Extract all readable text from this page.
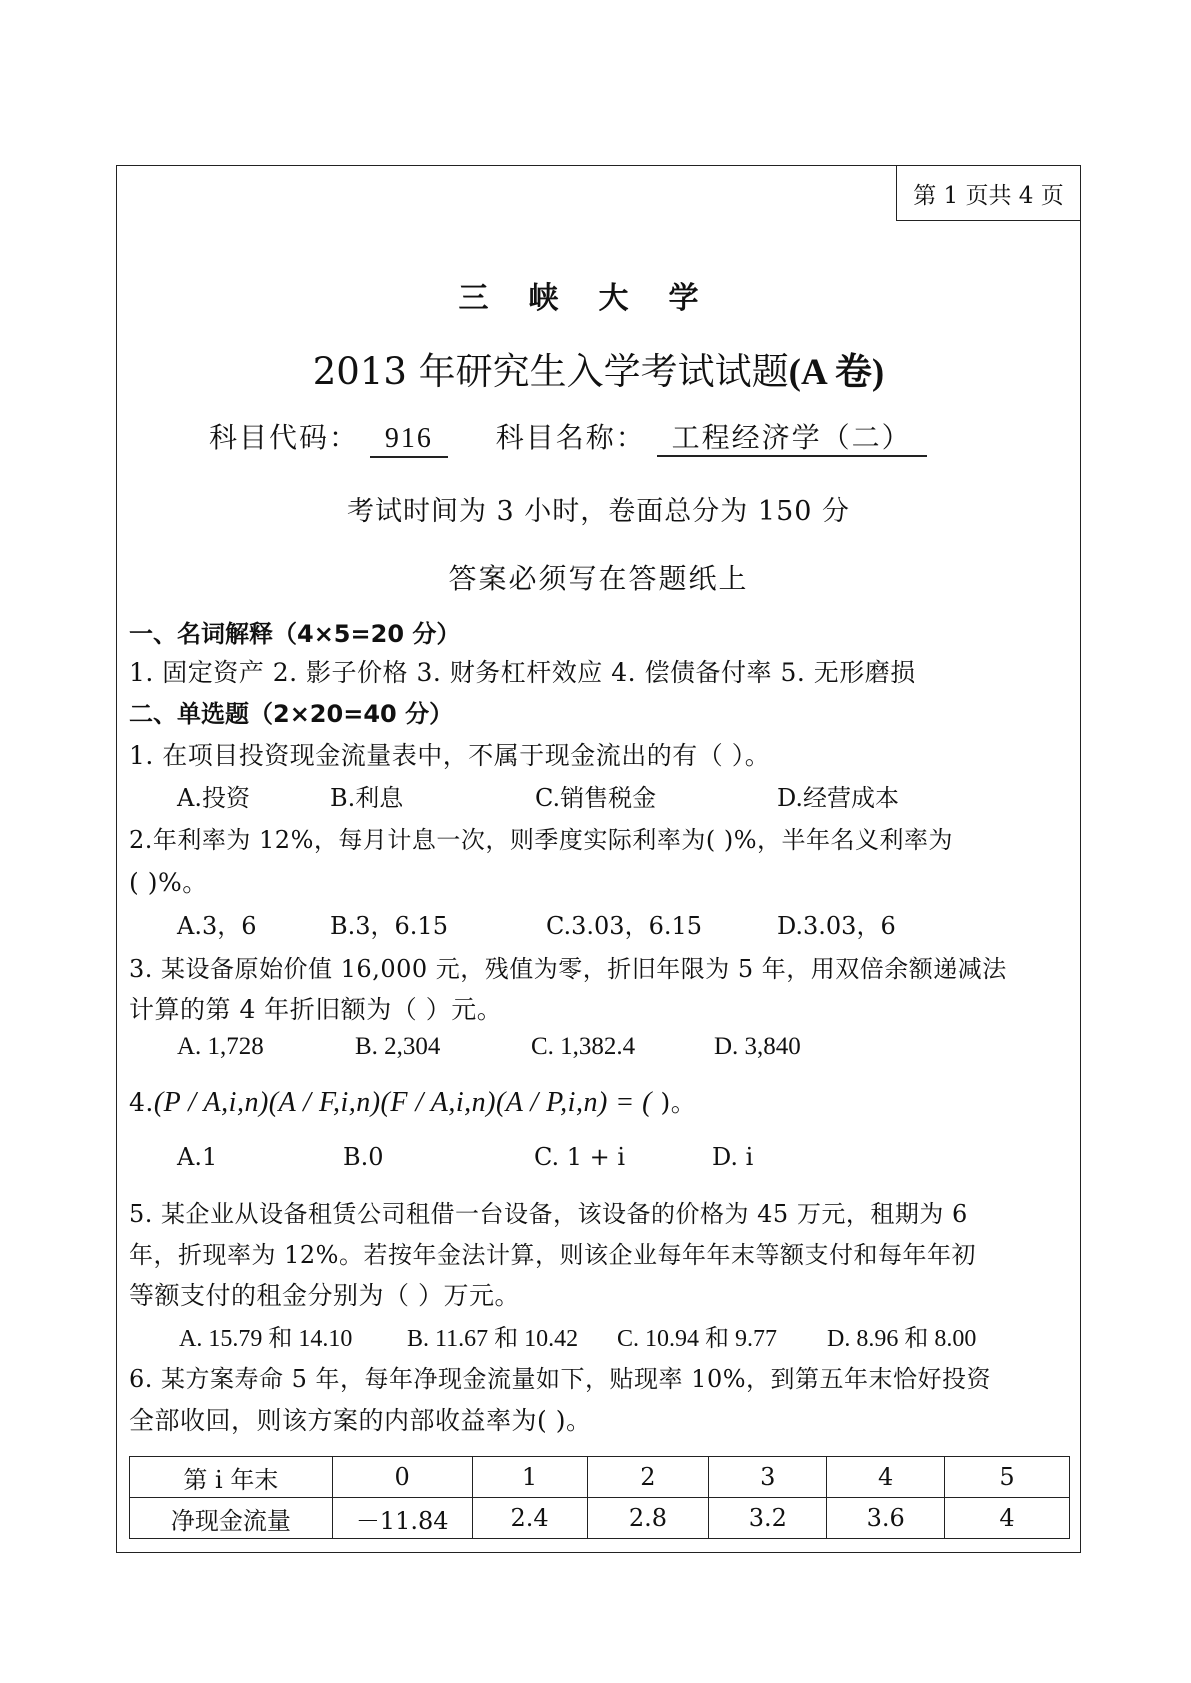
第 1 页共 4 页
三峡大学
2013 年研究生入学考试试题(A 卷)
科目代码： 916 科目名称： 工程经济学（二）
考试时间为 3 小时，卷面总分为 150 分
答案必须写在答题纸上
一、名词解释（4×5=20 分）
1. 固定资产 2. 影子价格 3. 财务杠杆效应 4. 偿债备付率 5. 无形磨损
二、单选题（2×20=40 分）
1. 在项目投资现金流量表中，不属于现金流出的有（ ）。
A.投资	B.利息	C.销售税金	D.经营成本
2.年利率为 12%，每月计息一次，则季度实际利率为( )%，半年名义利率为
( )%。
A.3，6	B.3，6.15	C.3.03，6.15	D.3.03，6
3. 某设备原始价值 16,000 元，残值为零，折旧年限为 5 年，用双倍余额递减法
计算的第 4 年折旧额为（ ）元。
A. 1,728	B. 2,304	C. 1,382.4	D. 3,840
4.(P / A,i,n)(A / F,i,n)(F / A,i,n)(A / P,i,n) = ( )。
A.1	B.0	C. 1 + i	D. i
5. 某企业从设备租赁公司租借一台设备，该设备的价格为 45 万元，租期为 6
年，折现率为 12%。若按年金法计算，则该企业每年年末等额支付和每年年初
等额支付的租金分别为（ ）万元。
A. 15.79 和 14.10 B. 11.67 和 10.42 C. 10.94 和 9.77 D. 8.96 和 8.00
6. 某方案寿命 5 年，每年净现金流量如下，贴现率 10%，到第五年末恰好投资
全部收回，则该方案的内部收益率为( )。
第 i 年末	0	1	2	3	4	5
净现金流量	－11.84	2.4	2.8	3.2	3.6	4
